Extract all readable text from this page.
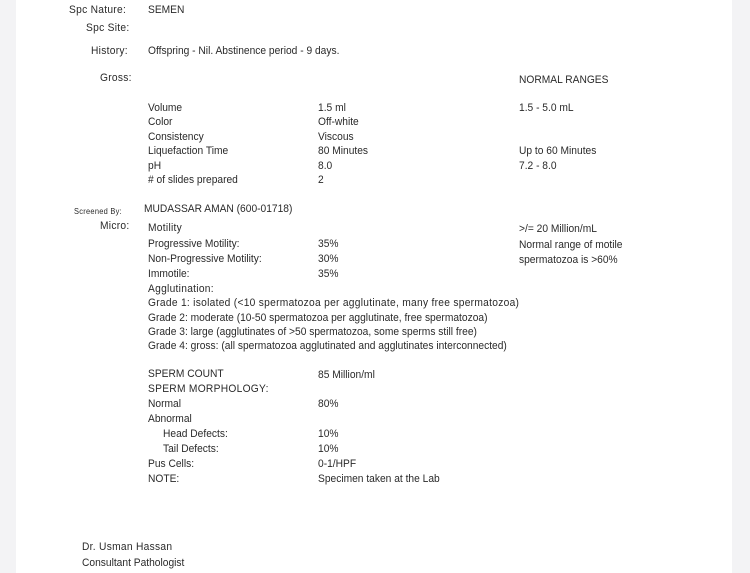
Spc Nature: SEMEN
Spc Site:
History: Offspring - Nil. Abstinence period - 9 days.
Gross:	NORMAL RANGES
Volume	1.5 ml	1.5 - 5.0 mL
Color	Off-white
Consistency	Viscous
Liquefaction Time	80 Minutes	Up to 60 Minutes
pH	8.0	7.2 - 8.0
# of slides prepared	2
Screened By: MUDASSAR AMAN (600-01718)
Micro: Motility	>/= 20 Million/mL
Progressive Motility:	35%	Normal range of motile
Non-Progressive Motility:	30%	spermatozoa is >60%
Immotile:	35%
Agglutination:
Grade 1: isolated (<10 spermatozoa per agglutinate, many free spermatozoa)
Grade 2: moderate (10-50 spermatozoa per agglutinate, free spermatozoa)
Grade 3: large (agglutinates of >50 spermatozoa, some sperms still free)
Grade 4: gross: (all spermatozoa agglutinated and agglutinates interconnected)
SPERM COUNT	85 Million/ml
SPERM MORPHOLOGY:
Normal	80%
Abnormal
Head Defects:	10%
Tail Defects:	10%
Pus Cells:	0-1/HPF
NOTE:	Specimen taken at the Lab
Dr. Usman Hassan
Consultant Pathologist
